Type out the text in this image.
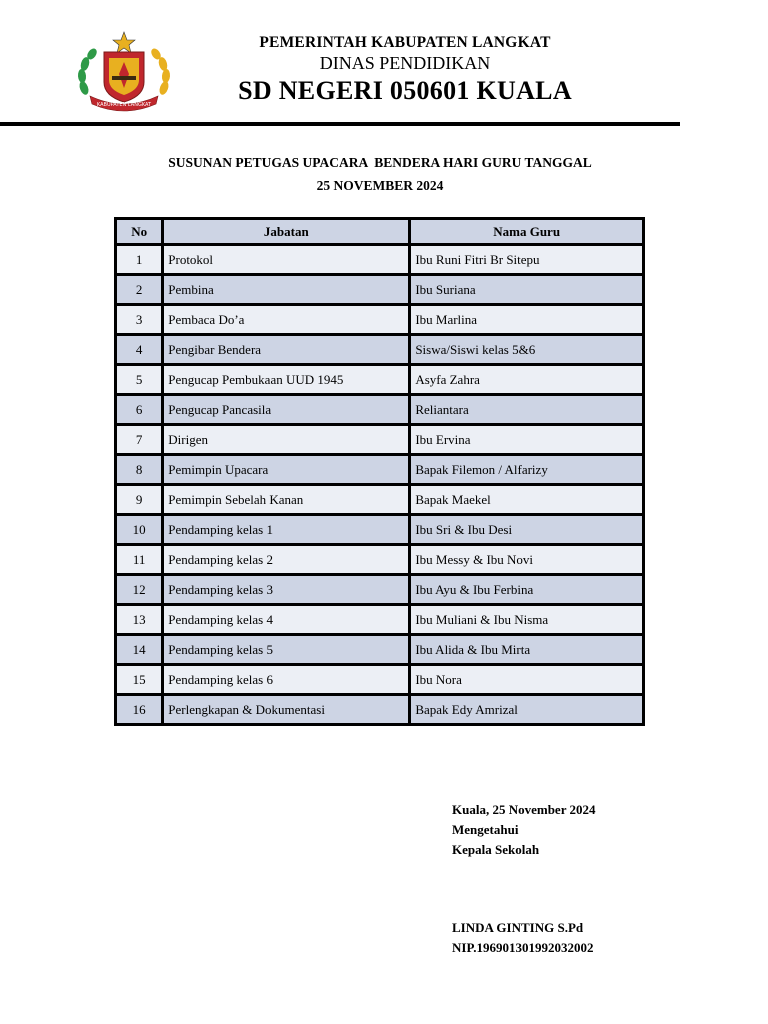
KABUPATEN LANGKAT
PEMERINTAH KABUPATEN LANGKAT
DINAS PENDIDIKAN
SD NEGERI 050601 KUALA
SUSUNAN PETUGAS UPACARA  BENDERA HARI GURU TANGGAL
25 NOVEMBER 2024
No	Jabatan	Nama Guru
1	Protokol	Ibu Runi Fitri Br Sitepu
2	Pembina	Ibu Suriana
3	Pembaca Do’a	Ibu Marlina
4	Pengibar Bendera	Siswa/Siswi kelas 5&6
5	Pengucap Pembukaan UUD 1945	Asyfa Zahra
6	Pengucap Pancasila	Reliantara
7	Dirigen	Ibu Ervina
8	Pemimpin Upacara	Bapak Filemon / Alfarizy
9	Pemimpin Sebelah Kanan	Bapak Maekel
10	Pendamping kelas 1	Ibu Sri & Ibu Desi
11	Pendamping kelas 2	Ibu Messy & Ibu Novi
12	Pendamping kelas 3	Ibu Ayu & Ibu Ferbina
13	Pendamping kelas 4	Ibu Muliani & Ibu Nisma
14	Pendamping kelas 5	Ibu Alida & Ibu Mirta
15	Pendamping kelas 6	Ibu Nora
16	Perlengkapan & Dokumentasi	Bapak Edy Amrizal
Kuala, 25 November 2024
Mengetahui
Kepala Sekolah
LINDA GINTING S.Pd
NIP.196901301992032002
